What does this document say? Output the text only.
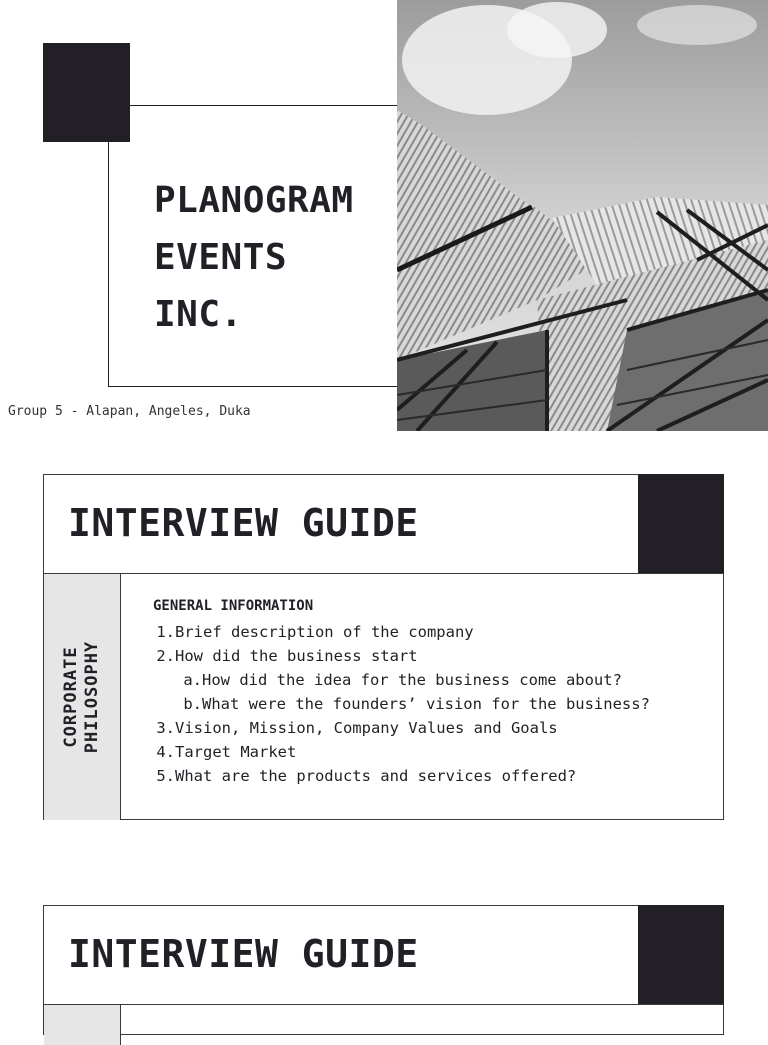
PLANOGRAM
EVENTS
INC.
Group 5 - Alapan, Angeles, Duka
INTERVIEW GUIDE
CORPORATE
PHILOSOPHY

GENERAL INFORMATION

1.Brief description of the company
2.How did the business start
a.How did the idea for the business come about?
b.What were the founders’ vision for the business?
3.Vision, Mission, Company Values and Goals
4.Target Market
5.What are the products and services offered?
INTERVIEW GUIDE
